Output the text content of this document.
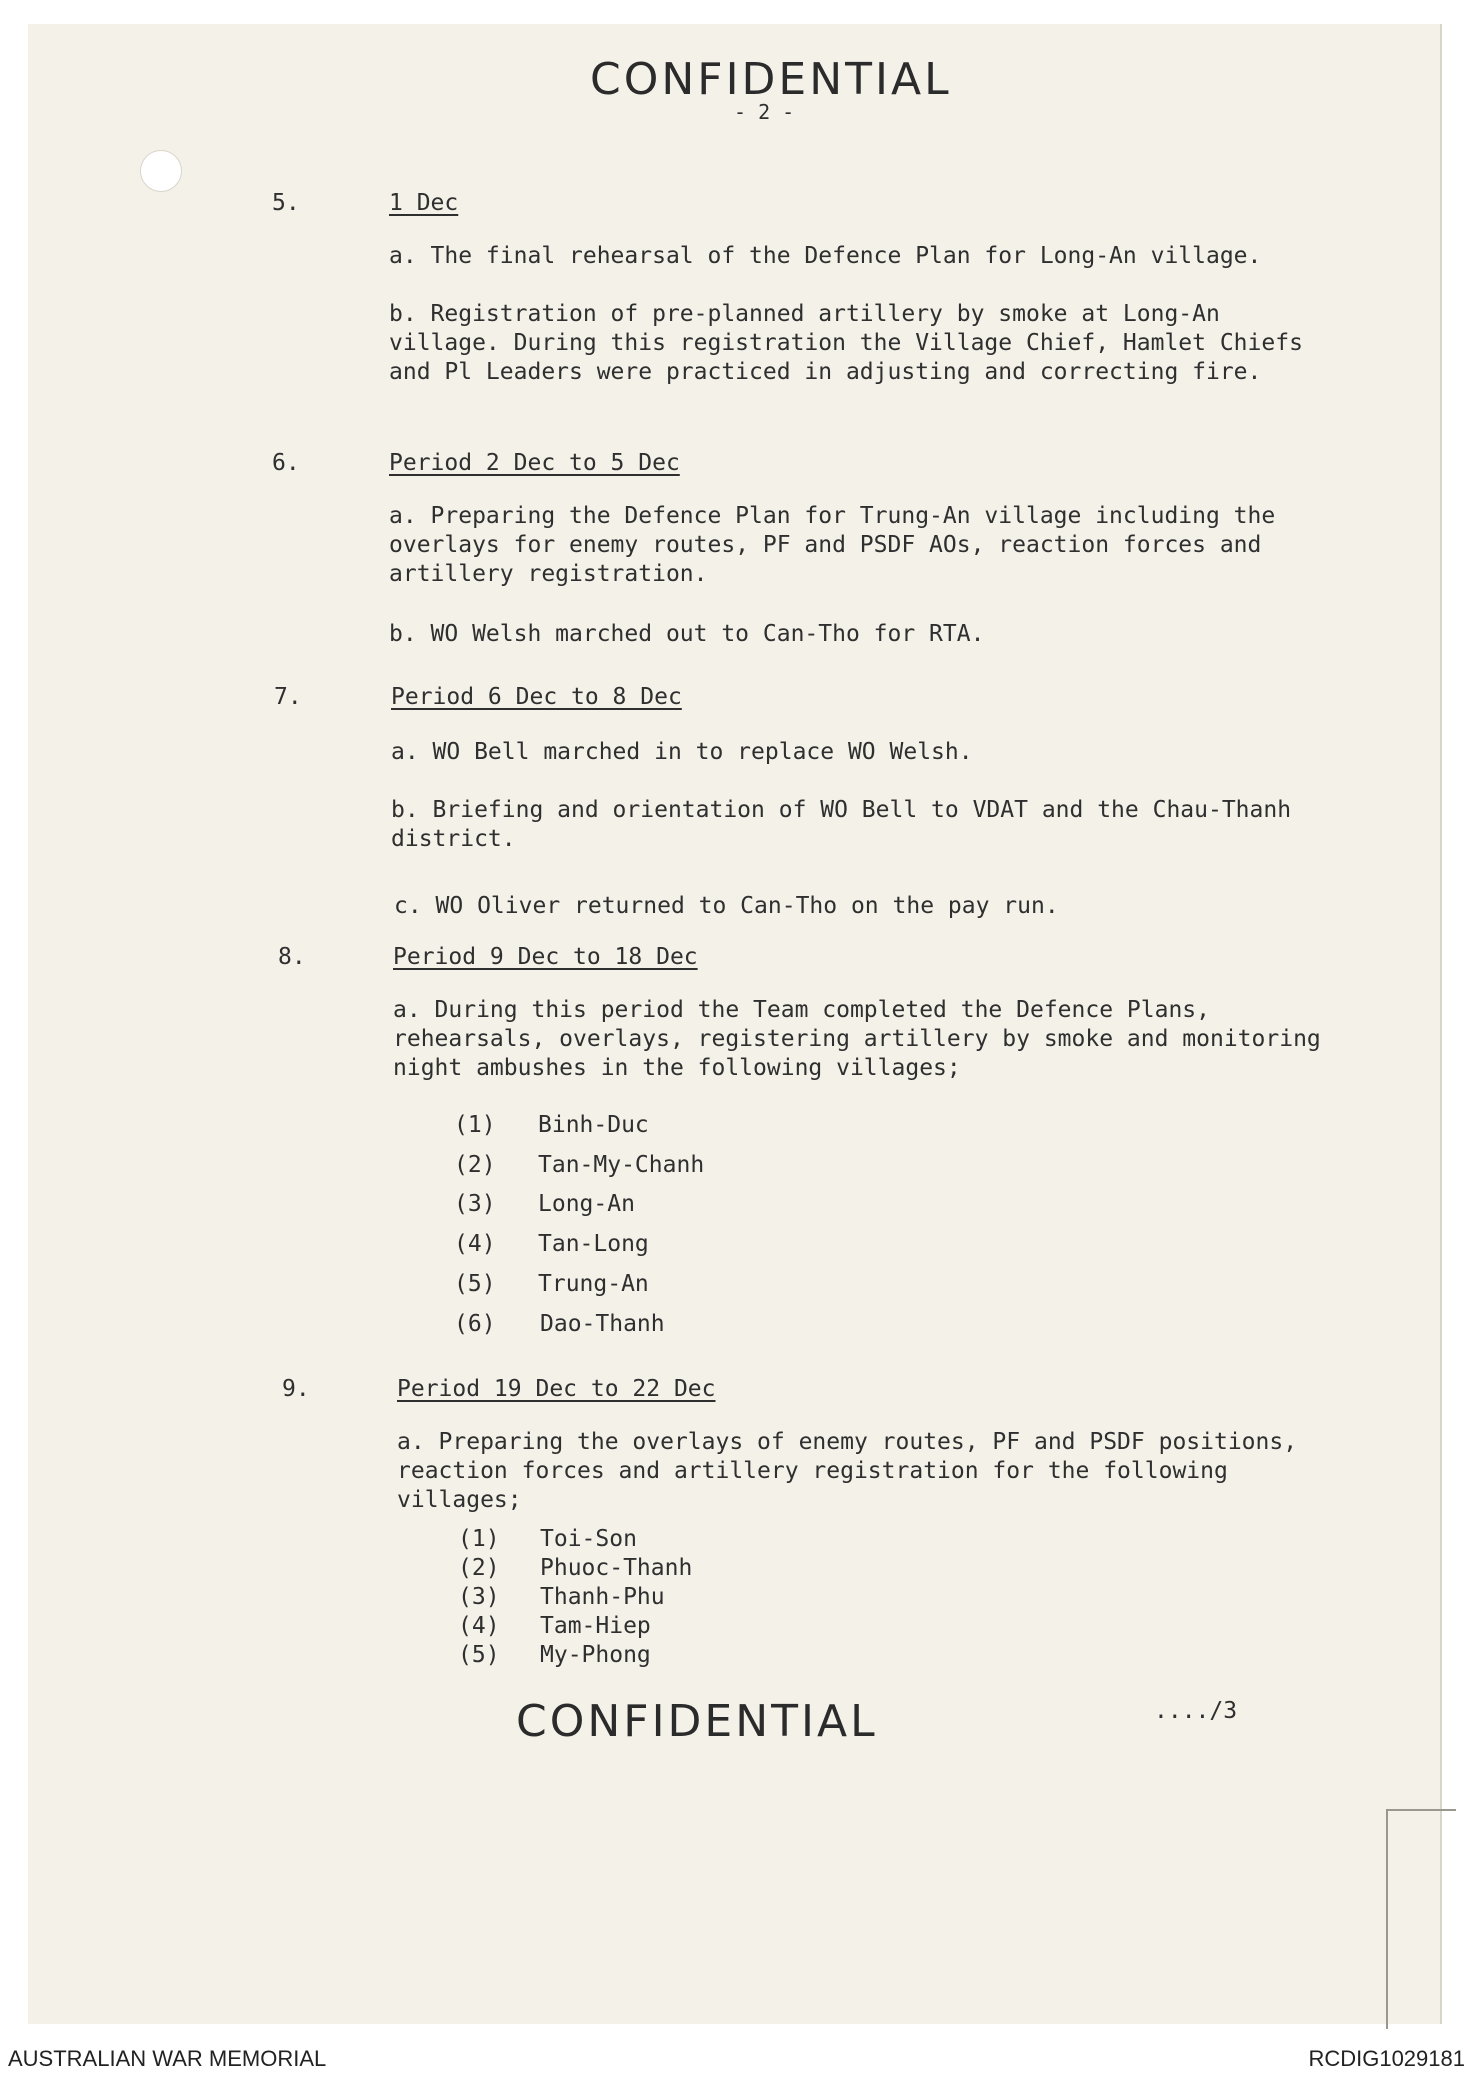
CONFIDENTIAL
- 2 -
5.	1 Dec
a. The final rehearsal of the Defence Plan for Long-An village.
b. Registration of pre-planned artillery by smoke at Long-An village. During this registration the Village Chief, Hamlet Chiefs and Pl Leaders were practiced in adjusting and correcting fire.
6.	Period 2 Dec to 5 Dec
a. Preparing the Defence Plan for Trung-An village including the overlays for enemy routes, PF and PSDF AOs, reaction forces and artillery registration.
b. WO Welsh marched out to Can-Tho for RTA.
7.	Period 6 Dec to 8 Dec
a. WO Bell marched in to replace WO Welsh.
b. Briefing and orientation of WO Bell to VDAT and the Chau-Thanh district.
c. WO Oliver returned to Can-Tho on the pay run.
8.	Period 9 Dec to 18 Dec
a. During this period the Team completed the Defence Plans, rehearsals, overlays, registering artillery by smoke and monitoring night ambushes in the following villages;
(1) Binh-Duc
(2) Tan-My-Chanh
(3) Long-An
(4) Tan-Long
(5) Trung-An
(6) Dao-Thanh
9.	Period 19 Dec to 22 Dec
a. Preparing the overlays of enemy routes, PF and PSDF positions, reaction forces and artillery registration for the following villages;
(1) Toi-Son
(2) Phuoc-Thanh
(3) Thanh-Phu
(4) Tam-Hiep
(5) My-Phong
CONFIDENTIAL	..../3
AUSTRALIAN WAR MEMORIAL	RCDIG1029181
